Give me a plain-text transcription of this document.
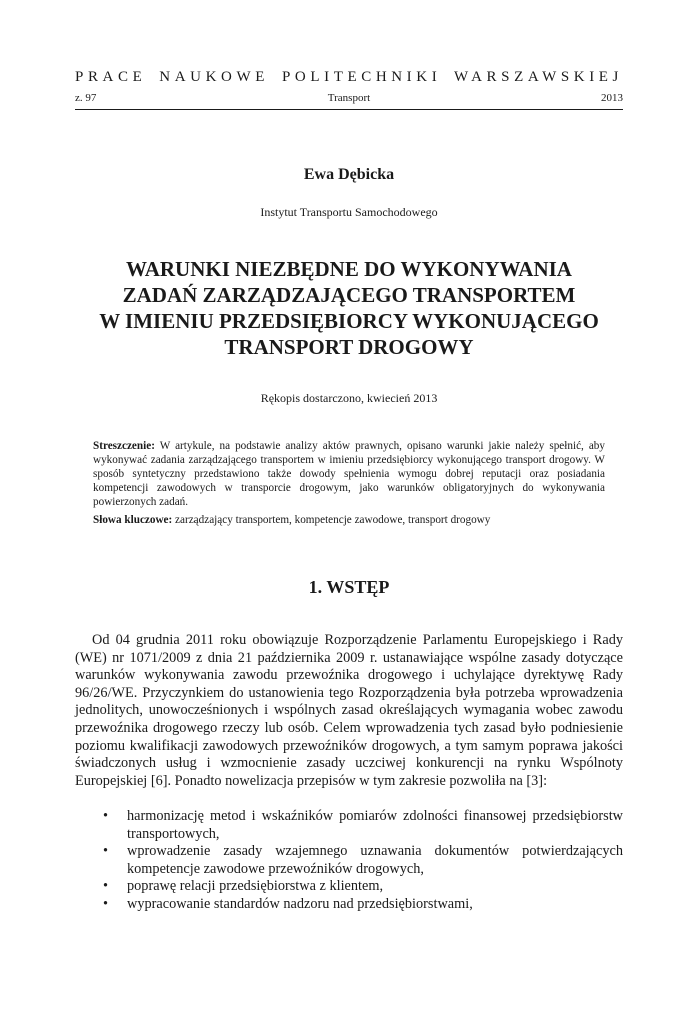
PRACE NAUKOWE POLITECHNIKI WARSZAWSKIEJ
z. 97	Transport	2013
Ewa Dębicka
Instytut Transportu Samochodowego
WARUNKI NIEZBĘDNE DO WYKONYWANIA
ZADAŃ ZARZĄDZAJĄCEGO TRANSPORTEM
W IMIENIU PRZEDSIĘBIORCY WYKONUJĄCEGO
TRANSPORT DROGOWY
Rękopis dostarczono, kwiecień 2013
Streszczenie: W artykule, na podstawie analizy aktów prawnych, opisano warunki jakie należy spełnić, aby wykonywać zadania zarządzającego transportem w imieniu przedsiębiorcy wykonującego transport drogowy. W sposób syntetyczny przedstawiono także dowody spełnienia wymogu dobrej reputacji oraz posiadania kompetencji zawodowych w transporcie drogowym, jako warunków obligatoryjnych do wykonywania powierzonych zadań.
Słowa kluczowe: zarządzający transportem, kompetencje zawodowe, transport drogowy
1. WSTĘP

Od 04 grudnia 2011 roku obowiązuje Rozporządzenie Parlamentu Europejskiego i Rady (WE) nr 1071/2009 z dnia 21 października 2009 r. ustanawiające wspólne zasady dotyczące warunków wykonywania zawodu przewoźnika drogowego i uchylające dyrektywę Rady 96/26/WE. Przyczynkiem do ustanowienia tego Rozporządzenia była potrzeba wprowadzenia jednolitych, unowocześnionych i wspólnych zasad określających wymagania wobec zawodu przewoźnika drogowego rzeczy lub osób. Celem wprowadzenia tych zasad było podniesienie poziomu kwalifikacji zawodowych przewoźników drogowych, a tym samym poprawa jakości świadczonych usług i wzmocnienie zasady uczciwej konkurencji na rynku Wspólnoty Europejskiej [6]. Ponadto nowelizacja przepisów w tym zakresie pozwoliła na [3]:

• harmonizację metod i wskaźników pomiarów zdolności finansowej przedsiębiorstw transportowych,
• wprowadzenie zasady wzajemnego uznawania dokumentów potwierdzających kompetencje zawodowe przewoźników drogowych,
• poprawę relacji przedsiębiorstwa z klientem,
• wypracowanie standardów nadzoru nad przedsiębiorstwami,
